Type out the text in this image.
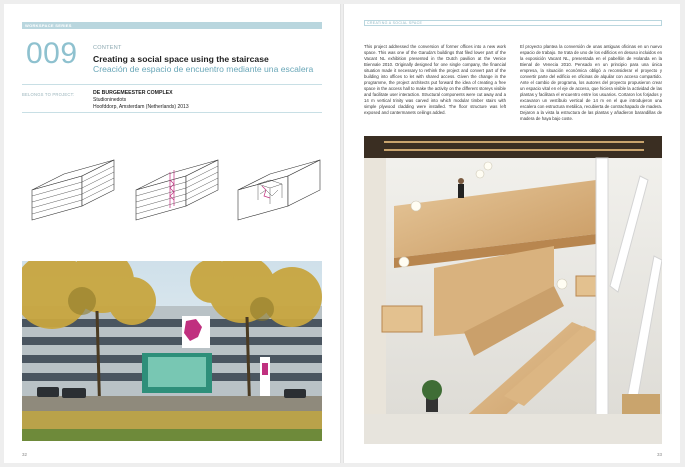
WORKSPACE SERIES
009	CONTENT
Creating a social space using the staircase
Creación de espacio de encuentro mediante una escalera
BELONGS TO PROJECT:	DE BURGEMEESTER COMPLEX
Studioninedots
Hoofddorp, Amsterdam (Netherlands) 2013
32
CREATING A SOCIAL SPACE
This project addressed the conversion of former offices into a new work space. This was one of the Garuda's buildings that filed lower part of the Vacant NL exhibition presented in the Dutch pavilion at the Venice Biennale 2010. Originally designed for one single company, the financial situation made it necessary to rethink the project and convert part of the building into offices to let with shared access. Given the change in the programme, the project architects put forward the idea of creating a free space in the access hall to make the activity on the different storeys visible and facilitate user interaction. Structural components were cut away and a 14 m vertical trinity was carved into which modular timber stairs with simple plywood cladding were installed. The floor structure was left exposed and cantermanets ceilings added.
El proyecto plantea la conversión de unas antiguas oficinas en un nuevo espacio de trabajo. Se trata de uno de los edificios en desuso incluidos en la exposición Vacant NL, presentada en el pabellón de Holanda en la Bienal de Venecia 2010. Pensado en un principio para una única empresa, la situación económica obligó a reconsiderar el proyecto y convertir parte del edificio en oficinas de alquilar con acceso compartido. Ante el cambio de programa, los autores del proyecto propusieron crear un espacio vital en el eje de acceso, que hiciera visible la actividad de las plantas y facilitara el encuentro entre los usuarios. Cortaron los forjados y excavaron un vestíbulo vertical de 14 m en el que introdujeron una escalera con estructura metálica, recubierta de contrachapado de madera. Dejaron a la vista la estructura de las plantas y añadieron barandillas de madera de haya bajo coste.
33
